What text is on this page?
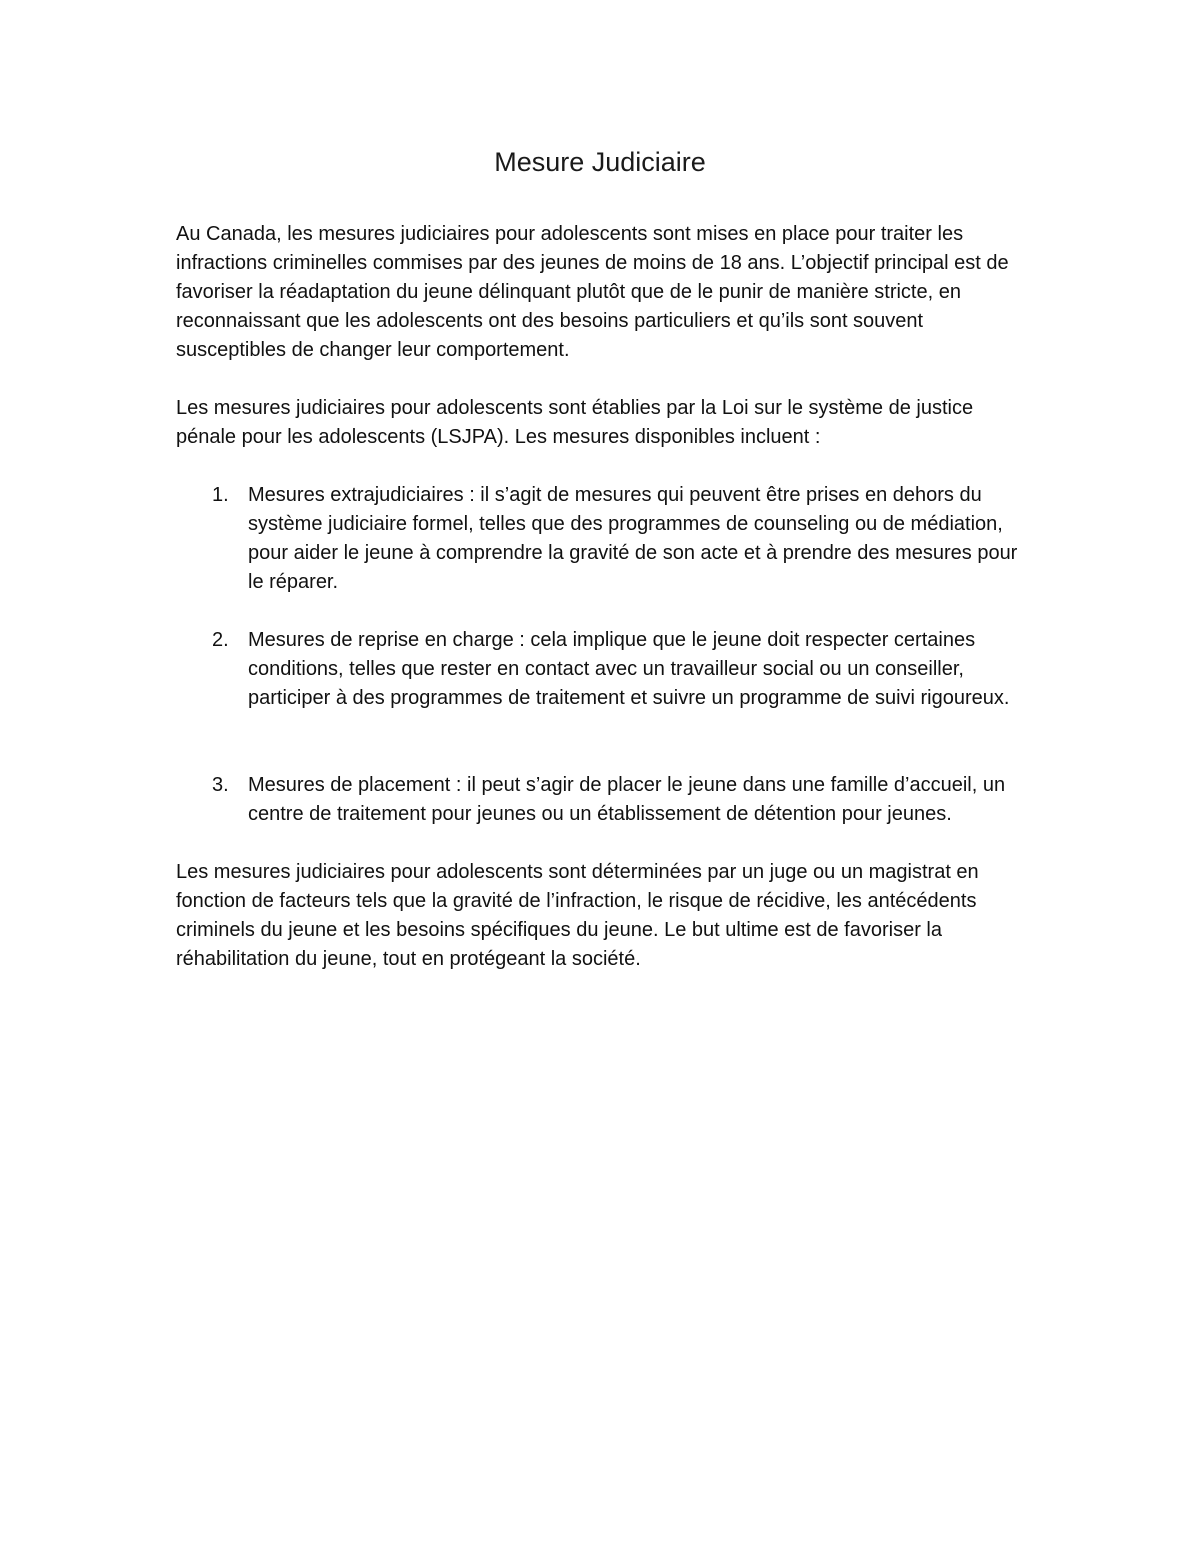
Mesure Judiciaire

Au Canada, les mesures judiciaires pour adolescents sont mises en place pour traiter les infractions criminelles commises par des jeunes de moins de 18 ans. L’objectif principal est de favoriser la réadaptation du jeune délinquant plutôt que de le punir de manière stricte, en reconnaissant que les adolescents ont des besoins particuliers et qu’ils sont souvent susceptibles de changer leur comportement.

Les mesures judiciaires pour adolescents sont établies par la Loi sur le système de justice pénale pour les adolescents (LSJPA). Les mesures disponibles incluent :

1. Mesures extrajudiciaires : il s’agit de mesures qui peuvent être prises en dehors du système judiciaire formel, telles que des programmes de counseling ou de médiation, pour aider le jeune à comprendre la gravité de son acte et à prendre des mesures pour le réparer.
2. Mesures de reprise en charge : cela implique que le jeune doit respecter certaines conditions, telles que rester en contact avec un travailleur social ou un conseiller, participer à des programmes de traitement et suivre un programme de suivi rigoureux.
3. Mesures de placement : il peut s’agir de placer le jeune dans une famille d’accueil, un centre de traitement pour jeunes ou un établissement de détention pour jeunes.

Les mesures judiciaires pour adolescents sont déterminées par un juge ou un magistrat en fonction de facteurs tels que la gravité de l’infraction, le risque de récidive, les antécédents criminels du jeune et les besoins spécifiques du jeune. Le but ultime est de favoriser la réhabilitation du jeune, tout en protégeant la société.
